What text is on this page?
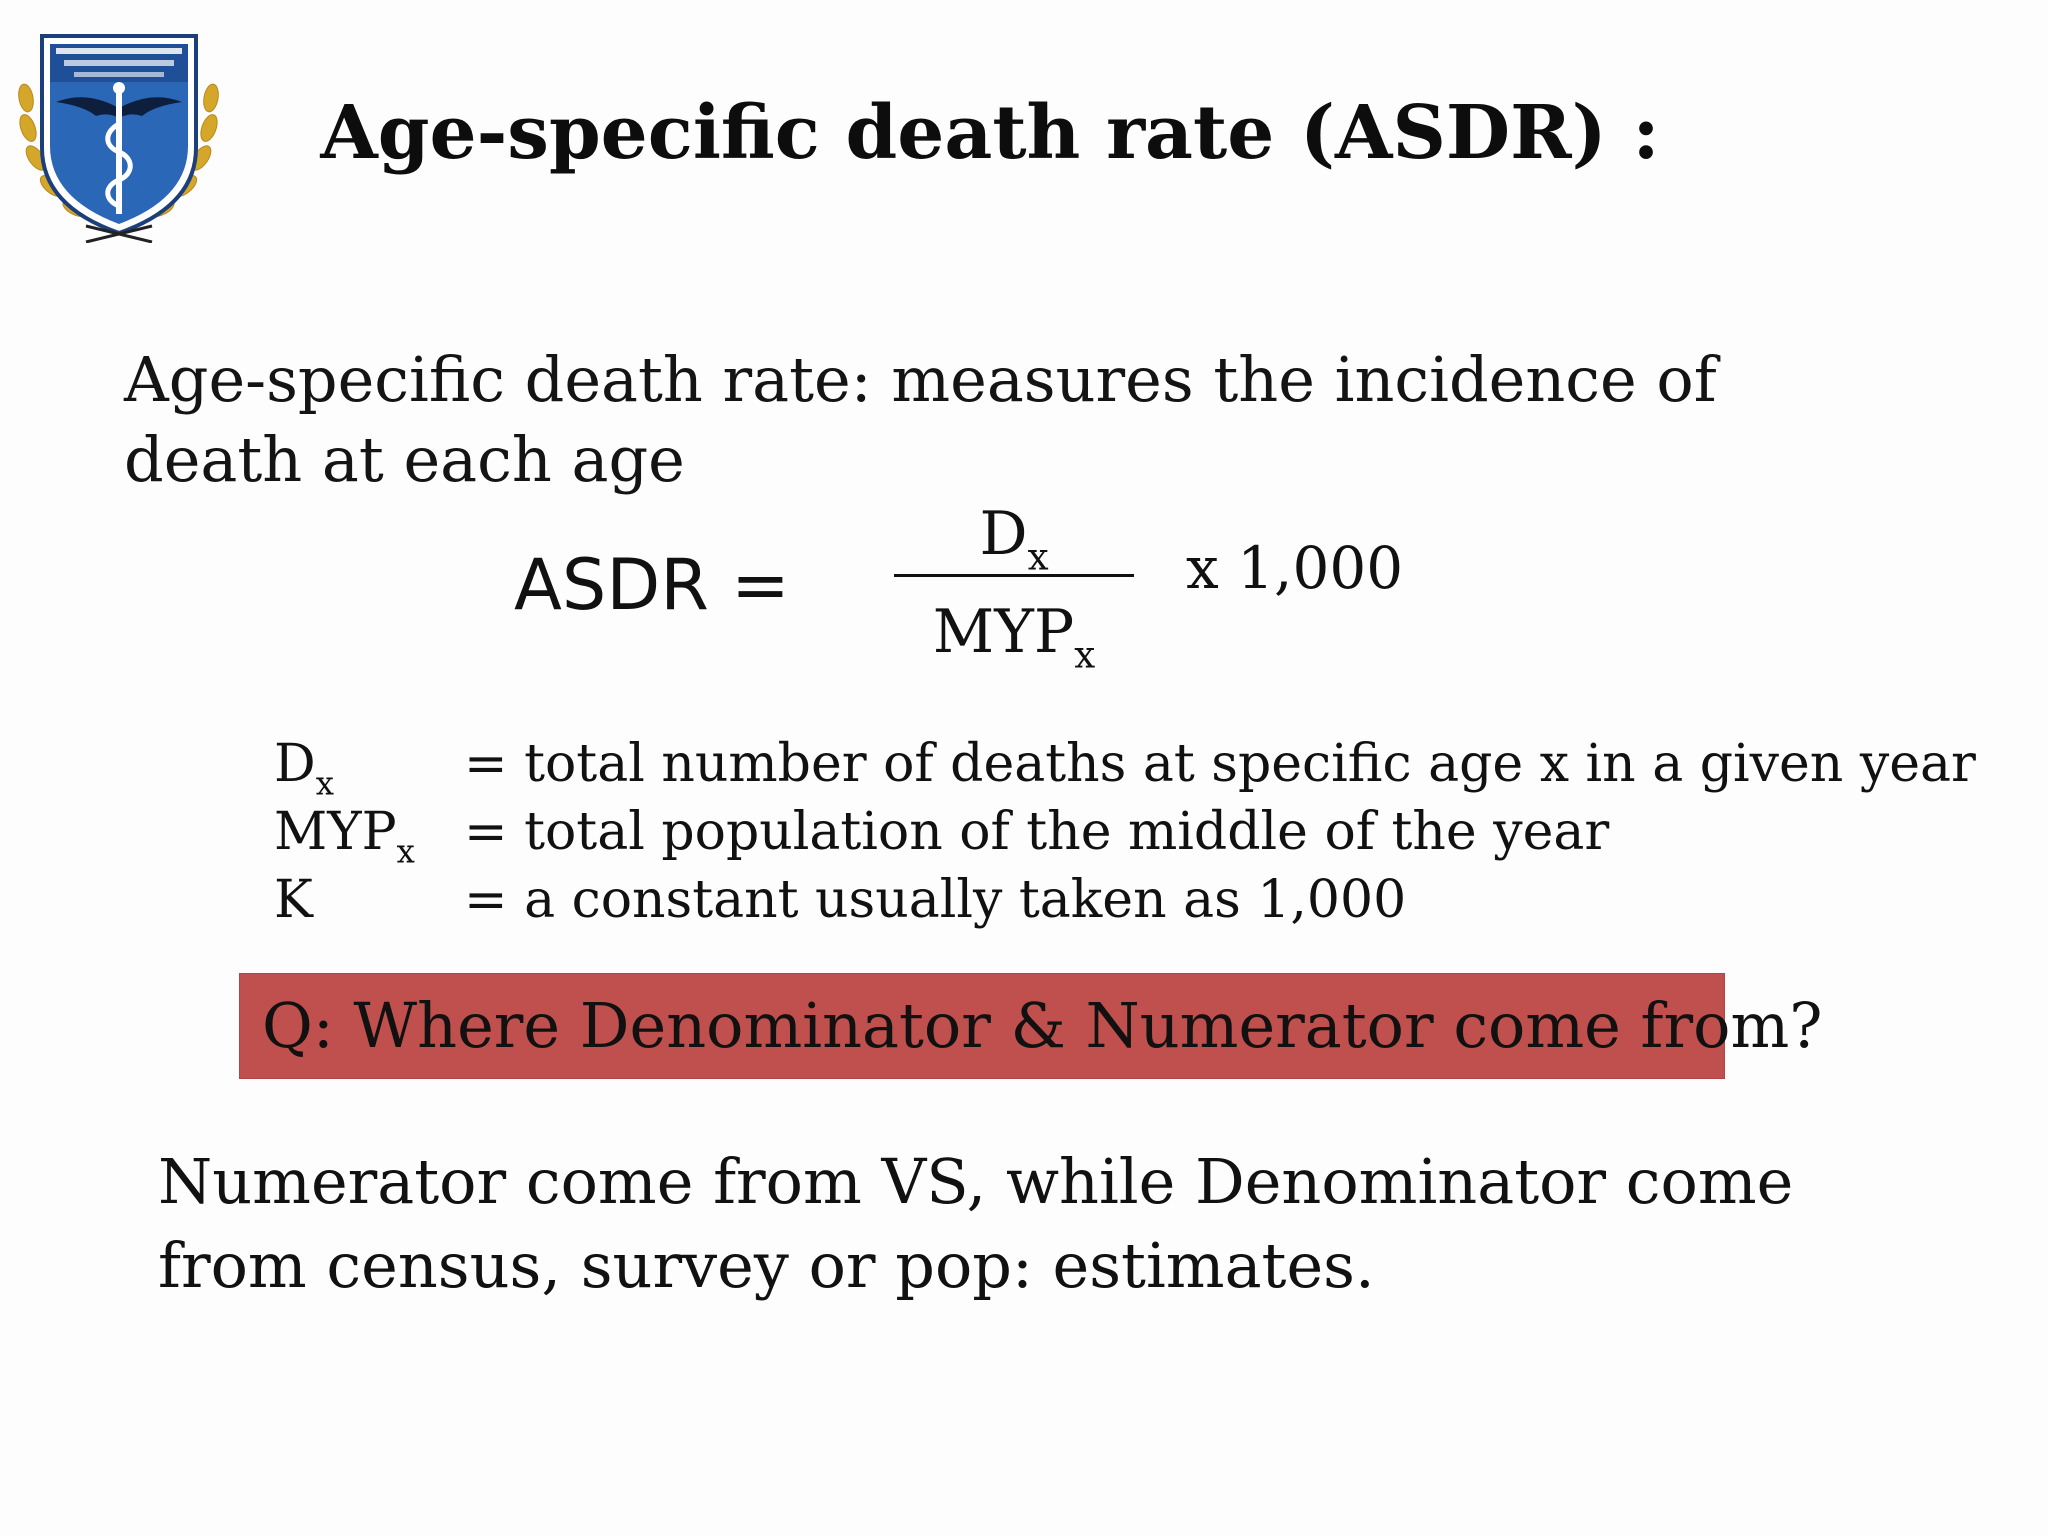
Age-specific death rate (ASDR) :
Age-specific death rate: measures the incidence of death at each age
ASDR =
$D_x$
$MYP_x$
x 1,000
$D_x$	= total number of deaths at specific age x in a given year
$MYP_x$ = total population of the middle of the year
K	= a constant usually taken as 1,000
Q: Where Denominator & Numerator come from?
Numerator come from VS, while Denominator come from census, survey or pop: estimates.
